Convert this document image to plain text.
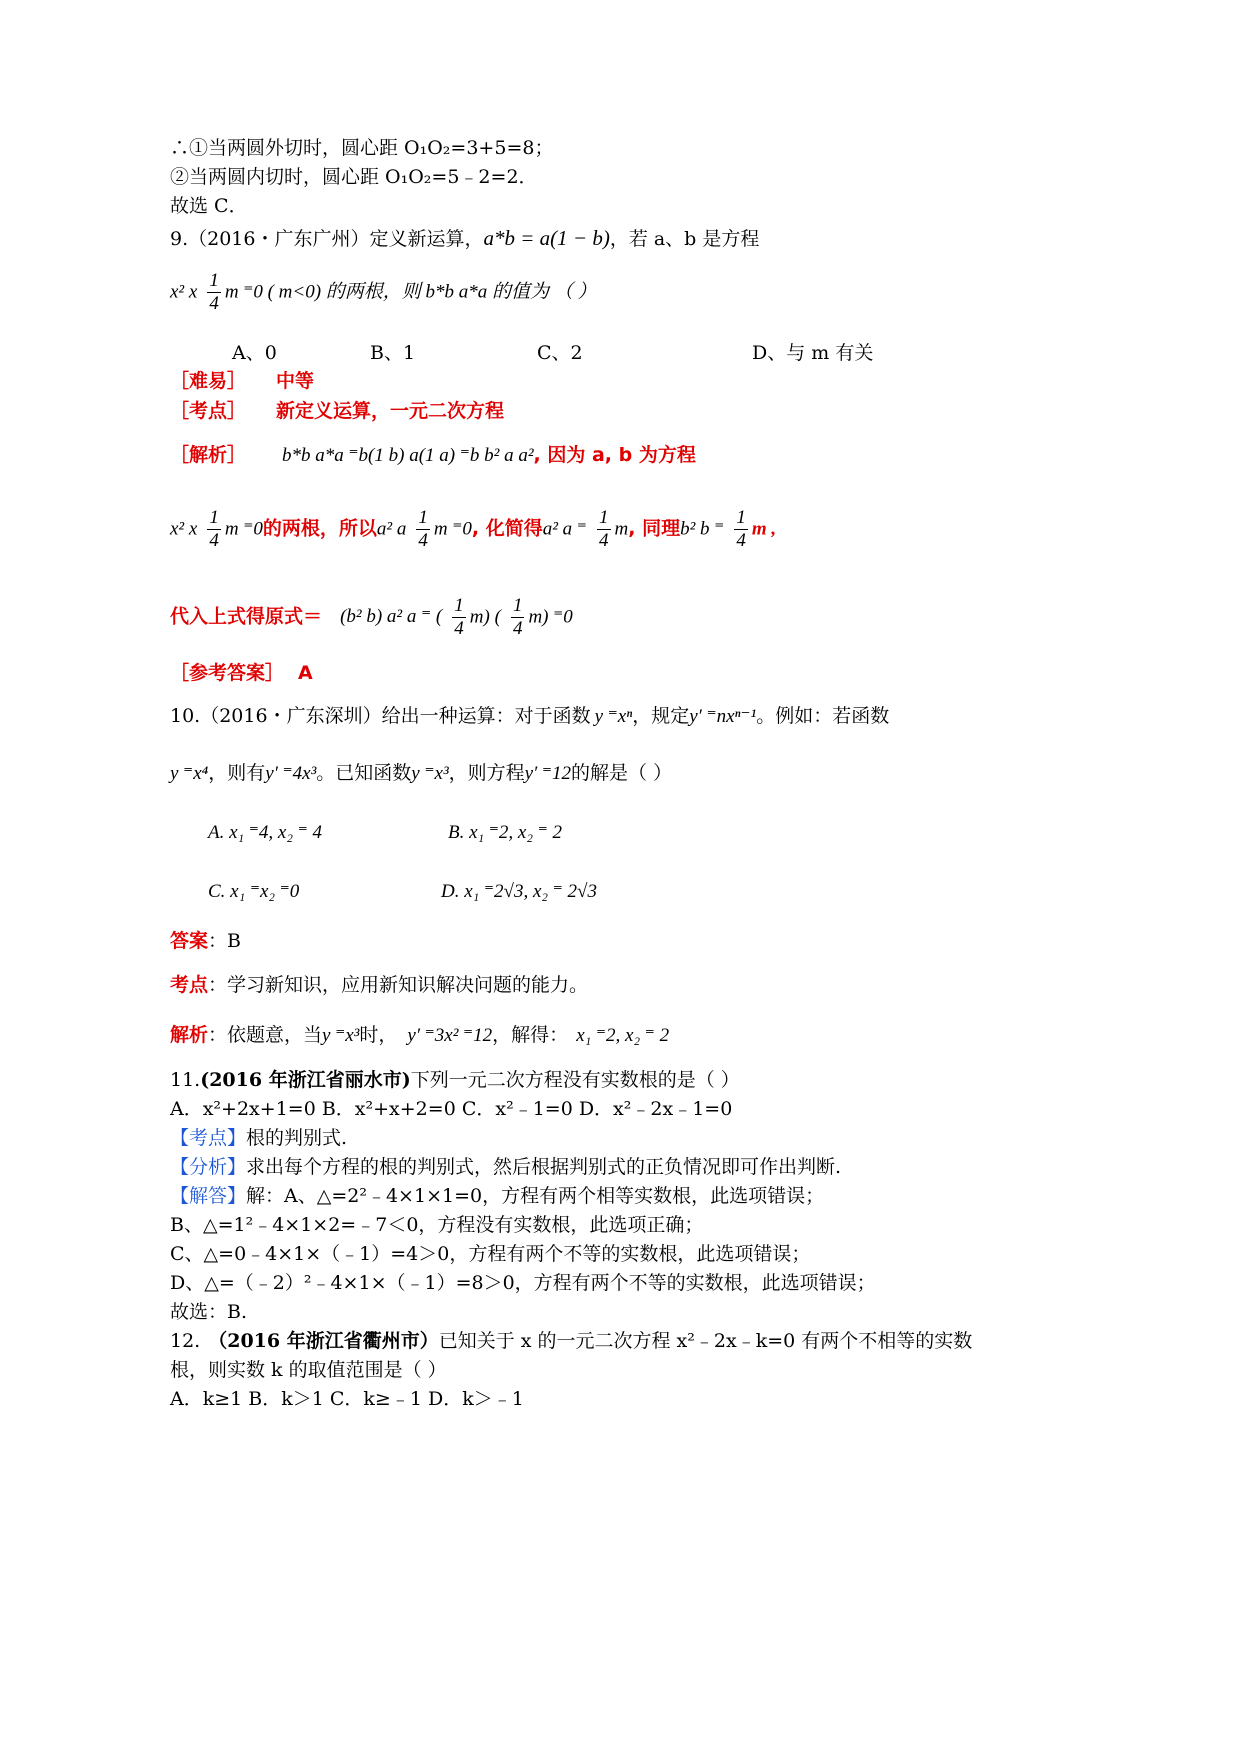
∴①当两圆外切时，圆心距 O₁O₂=3+5=8；
②当两圆内切时，圆心距 O₁O₂=5﹣2=2．
故选 C．
9.（2016・广东广州）定义新运算，a*b = a(1 − b)，若 a、b 是方程
x² x $\frac{1}{4}$ m ⁼0 ( m<0) 的两根，则 b*b a*a 的值为 （ ）
A、0	B、1	C、2	D、与 m 有关
［难易］ 中等
［考点］ 新定义运算，一元二次方程
［解析］ b*b a*a ⁼b(1 b) a(1 a) ⁼b b² a a², 因为 a, b 为方程
x² x $\frac{1}{4}$ m ⁼0的两根，所以a² a $\frac{1}{4}$ m ⁼0, 化简得a² a ⁼ $\frac{1}{4} m$, 同理b² b ⁼ $\frac{1}{4}$ m ,
代入上式得原式＝ (b² b) a² a ⁼ ( $\frac{1}{4} m$) ( $\frac{1}{4} m$) ⁼0
［参考答案］ A
10.（2016・广东深圳）给出一种运算：对于函数 y ⁼xⁿ，规定y′ ⁼nxⁿ⁻¹。例如：若函数
y ⁼x⁴，则有y′ ⁼4x³。已知函数y ⁼x³，则方程y′ ⁼12的解是（ ）
A. x₁ ⁼4, x₂ ⁼ 4	B. x₁ ⁼2, x₂ ⁼ 2
C. x₁ ⁼x₂ ⁼0	D. x₁ ⁼2√3, x₂ ⁼ 2√3
答案：B
考点：学习新知识，应用新知识解决问题的能力。
解析：依题意，当y ⁼x³时， y′ ⁼3x² ⁼12，解得： x₁ ⁼2, x₂ ⁼ 2
11.(2016 年浙江省丽水市)下列一元二次方程没有实数根的是（ ）
A．x²+2x+1=0 B．x²+x+2=0 C．x²﹣1=0 D．x²﹣2x﹣1=0
【考点】根的判别式.
【分析】求出每个方程的根的判别式，然后根据判别式的正负情况即可作出判断.
【解答】解：A、△=2²﹣4×1×1=0，方程有两个相等实数根，此选项错误；
B、△=1²﹣4×1×2=﹣7＜0，方程没有实数根，此选项正确；
C、△=0﹣4×1×（﹣1）=4＞0，方程有两个不等的实数根，此选项错误；
D、△=（﹣2）²﹣4×1×（﹣1）=8＞0，方程有两个不等的实数根，此选项错误；
故选：B.
12. （2016 年浙江省衢州市）已知关于 x 的一元二次方程 x²﹣2x﹣k=0 有两个不相等的实数
根，则实数 k 的取值范围是（ ）
A．k≥1 B．k＞1 C．k≥﹣1 D．k＞﹣1
